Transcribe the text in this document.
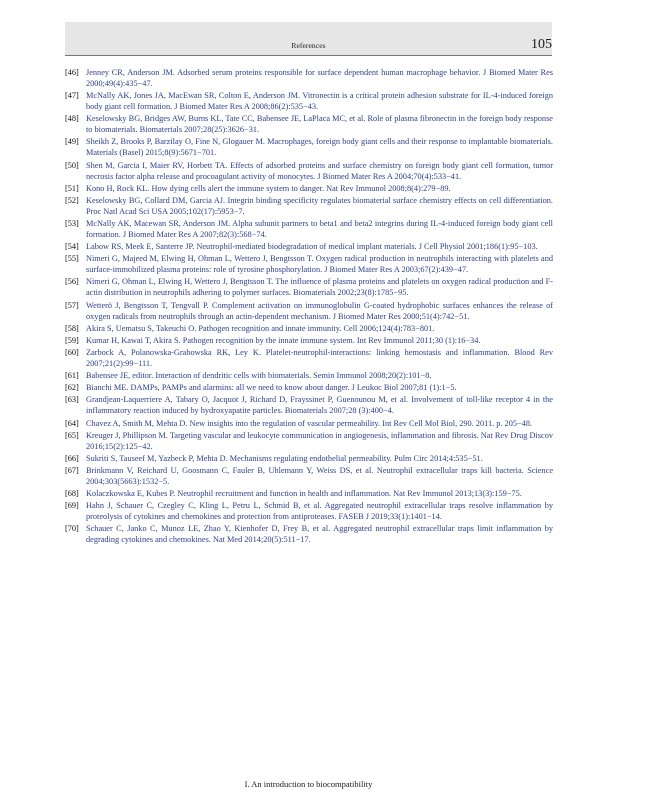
References	105
[46] Jenney CR, Anderson JM. Adsorbed serum proteins responsible for surface dependent human macrophage behavior. J Biomed Mater Res 2000;49(4):435−47.
[47] McNally AK, Jones JA, MacEwan SR, Colton E, Anderson JM. Vitronectin is a critical protein adhesion substrate for IL-4-induced foreign body giant cell formation. J Biomed Mater Res A 2008;86(2):535−43.
[48] Keselowsky BG, Bridges AW, Burns KL, Tate CC, Babensee JE, LaPlaca MC, et al. Role of plasma fibronectin in the foreign body response to biomaterials. Biomaterials 2007;28(25):3626−31.
[49] Sheikh Z, Brooks P, Barzilay O, Fine N, Glogauer M. Macrophages, foreign body giant cells and their response to implantable biomaterials. Materials (Basel) 2015;8(9):5671−701.
[50] Shen M, Garcia I, Maier RV, Horbett TA. Effects of adsorbed proteins and surface chemistry on foreign body giant cell formation, tumor necrosis factor alpha release and procoagulant activity of monocytes. J Biomed Mater Res A 2004;70(4):533−41.
[51] Kono H, Rock KL. How dying cells alert the immune system to danger. Nat Rev Immunol 2008;8(4):279−89.
[52] Keselowsky BG, Collard DM, Garcia AJ. Integrin binding specificity regulates biomaterial surface chemistry effects on cell differentiation. Proc Natl Acad Sci USA 2005;102(17):5953−7.
[53] McNally AK, Macewan SR, Anderson JM. Alpha subunit partners to beta1 and beta2 integrins during IL-4-induced foreign body giant cell formation. J Biomed Mater Res A 2007;82(3):568−74.
[54] Labow RS, Meek E, Santerre JP. Neutrophil-mediated biodegradation of medical implant materials. J Cell Physiol 2001;186(1):95−103.
[55] Nimeri G, Majeed M, Elwing H, Ohman L, Wettero J, Bengtsson T. Oxygen radical production in neutrophils interacting with platelets and surface-immobilized plasma proteins: role of tyrosine phosphorylation. J Biomed Mater Res A 2003;67(2):439−47.
[56] Nimeri G, Ohman L, Elwing H, Wettero J, Bengtsson T. The influence of plasma proteins and platelets on oxygen radical production and F-actin distribution in neutrophils adhering to polymer surfaces. Biomaterials 2002;23(8):1785−95.
[57] Wetterö J, Bengtsson T, Tengvall P. Complement activation on immunoglobulin G-coated hydrophobic surfaces enhances the release of oxygen radicals from neutrophils through an actin-dependent mechanism. J Biomed Mater Res 2000;51(4):742−51.
[58] Akira S, Uematsu S, Takeuchi O. Pathogen recognition and innate immunity. Cell 2006;124(4):783−801.
[59] Kumar H, Kawai T, Akira S. Pathogen recognition by the innate immune system. Int Rev Immunol 2011;30 (1):16−34.
[60] Zarbock A, Polanowska-Grabowska RK, Ley K. Platelet-neutrophil-interactions: linking hemostasis and inflammation. Blood Rev 2007;21(2):99−111.
[61] Babensee JE, editor. Interaction of dendritic cells with biomaterials. Semin Immunol 2008;20(2):101−8.
[62] Bianchi ME. DAMPs, PAMPs and alarmins: all we need to know about danger. J Leukoc Biol 2007;81 (1):1−5.
[63] Grandjean-Laquerriere A, Tabary O, Jacquot J, Richard D, Frayssinet P, Guenounou M, et al. Involvement of toll-like receptor 4 in the inflammatory reaction induced by hydroxyapatite particles. Biomaterials 2007;28 (3):400−4.
[64] Chavez A, Smith M, Mehta D. New insights into the regulation of vascular permeability. Int Rev Cell Mol Biol, 290. 2011. p. 205−48.
[65] Kreuger J, Phillipson M. Targeting vascular and leukocyte communication in angiogenesis, inflammation and fibrosis. Nat Rev Drug Discov 2016;15(2):125−42.
[66] Sukriti S, Tauseef M, Yazbeck P, Mehta D. Mechanisms regulating endothelial permeability. Pulm Circ 2014;4:535−51.
[67] Brinkmann V, Reichard U, Goosmann C, Fauler B, Uhlemann Y, Weiss DS, et al. Neutrophil extracellular traps kill bacteria. Science 2004;303(5663):1532−5.
[68] Kolaczkowska E, Kubes P. Neutrophil recruitment and function in health and inflammation. Nat Rev Immunol 2013;13(3):159−75.
[69] Hahn J, Schauer C, Czegley C, Kling L, Petru L, Schmid B, et al. Aggregated neutrophil extracellular traps resolve inflammation by proteolysis of cytokines and chemokines and protection from antiproteases. FASEB J 2019;33(1):1401−14.
[70] Schauer C, Janko C, Munoz LE, Zhao Y, Kienhofer D, Frey B, et al. Aggregated neutrophil extracellular traps limit inflammation by degrading cytokines and chemokines. Nat Med 2014;20(5):511−17.
I. An introduction to biocompatibility
